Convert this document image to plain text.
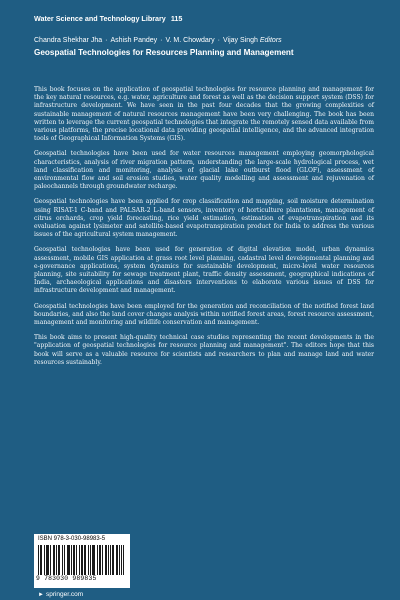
Water Science and Technology Library 115
Chandra Shekhar Jha · Ashish Pandey · V. M. Chowdary · Vijay Singh Editors
Geospatial Technologies for Resources Planning and Management

This book focuses on the application of geospatial technologies for resource planning and management for the key natural resources, e.g. water, agriculture and forest as well as the decision support system (DSS) for infrastructure development. We have seen in the past four decades that the growing complexities of sustainable management of natural resources management have been very challenging. The book has been written to leverage the current geospatial technologies that integrate the remotely sensed data available from various platforms, the precise locational data providing geospatial intelligence, and the advanced integration tools of Geographical Information Systems (GIS).

Geospatial technologies have been used for water resources management employing geomorphological characteristics, analysis of river migration pattern, understanding the large-scale hydrological process, wet land classification and monitoring, analysis of glacial lake outburst flood (GLOF), assessment of environmental flow and soil erosion studies, water quality modelling and assessment and rejuvenation of paleochannels through groundwater recharge.

Geospatial technologies have been applied for crop classification and mapping, soil moisture determination using RISAT-1 C-band and PALSAR-2 L-band sensors, inventory of horticulture plantations, management of citrus orchards, crop yield forecasting, rice yield estimation, estimation of evapotranspiration and its evaluation against lysimeter and satellite-based evapotranspiration product for India to address the various issues of the agricultural system management.

Geospatial technologies have been used for generation of digital elevation model, urban dynamics assessment, mobile GIS application at grass root level planning, cadastral level developmental planning and e-governance applications, system dynamics for sustainable development, micro-level water resources planning, site suitability for sewage treatment plant, traffic density assessment, geographical indications of India, archaeological applications and disasters interventions to elaborate various issues of DSS for infrastructure development and management.

Geospatial technologies have been employed for the generation and reconciliation of the notified forest land boundaries, and also the land cover changes analysis within notified forest areas, forest resource assessment, management and monitoring and wildlife conservation and management.

This book aims to present high-quality technical case studies representing the recent developments in the "application of geospatial technologies for resource planning and management". The editors hope that this book will serve as a valuable resource for scientists and researchers to plan and manage land and water resources sustainably.

ISBN 978-3-030-98983-5
9 783030 989835
► springer.com
